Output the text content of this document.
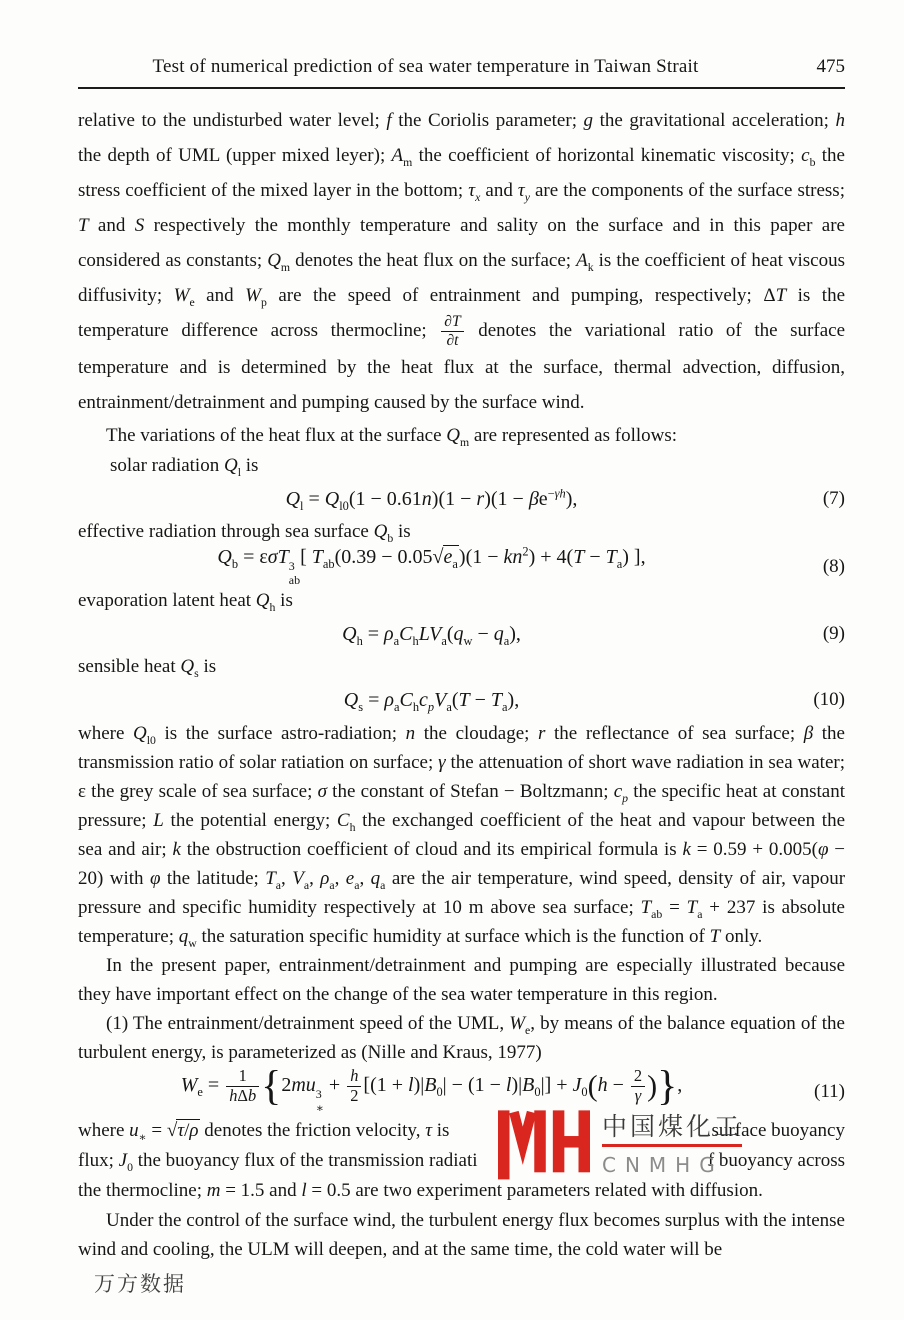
Test of numerical prediction of sea water temperature in Taiwan Strait	475
relative to the undisturbed water level; f the Coriolis parameter; g the gravitational acceleration; h the depth of UML (upper mixed leyer); $A_m$ the coefficient of horizontal kinematic viscosity; $c_b$ the stress coefficient of the mixed layer in the bottom; $\tau_x$ and $\tau_y$ are the components of the surface stress; T and S respectively the monthly temperature and sality on the surface and in this paper are considered as constants; $Q_m$ denotes the heat flux on the surface; $A_k$ is the coefficient of heat viscous diffusivity; $W_e$ and $W_p$ are the speed of entrainment and pumping, respectively; ΔT is the temperature difference across thermocline; $\frac{\partial T}{\partial t}$ denotes the variational ratio of the surface temperature and is determined by the heat flux at the surface, thermal advection, diffusion, entrainment/detrainment and pumping caused by the surface wind.
The variations of the heat flux at the surface $Q_m$ are represented as follows:
solar radiation $Q_l$ is
$Q_l = Q_{l0}(1 - 0.61n)(1 - r)(1 - \beta e^{-\gamma h})$,	(7)
effective radiation through sea surface $Q_b$ is
$Q_b = \varepsilon\sigma T$ 3
ab
[ $T_{ab}(0.39 - 0.05√e_a)(1 - kn^2) + 4(T - T_a)$ ],	(8)
evaporation latent heat $Q_h$ is
$Q_h = \rho_aC_hLV_a(q_w - q_a)$,	(9)
sensible heat $Q_s$ is
$Q_s = \rho_aC_hc_pV_a(T - T_a)$,	(10)
where $Q_{l0}$ is the surface astro-radiation; n the cloudage; r the reflectance of sea surface; β the transmission ratio of solar ratiation on surface; γ the attenuation of short wave radiation in sea water; ε the grey scale of sea surface; σ the constant of Stefan − Boltzmann; $c_p$ the specific heat at constant pressure; L the potential energy; $C_h$ the exchanged coefficient of the heat and vapour between the sea and air; k the obstruction coefficient of cloud and its empirical formula is k = 0.59 + 0.005(φ − 20) with φ the latitude; $T_a$, $V_a$, $\rho_a$, $e_a$, $q_a$ are the air temperature, wind speed, density of air, vapour pressure and specific humidity respectively at 10 m above sea surface; $T_{ab} = T_a + 237$ is absolute temperature; $q_w$ the saturation specific humidity at surface which is the function of T only.
In the present paper, entrainment/detrainment and pumping are especially illustrated because they have important effect on the change of the sea water temperature in this region.
(1) The entrainment/detrainment speed of the UML, $W_e$, by means of the balance equation of the turbulent energy, is parameterized as (Nille and Kraus, 1977)
$W_e = \frac{1}{\text{hΔb}} \{2mu$ 3
∗
+ $\frac{h}{2} [(1 + l)|B_0| - (1 - l)|B_0|] + J_0(h - \frac{2}{\gamma}$ )},	(11)
where $u_∗ = √\tau/\rho$ denotes the friction velocity, τ is	surface buoyancy
flux; $J_0$ the buoyancy flux of the transmission radiati	f buoyancy across
the thermocline; m = 1.5 and l = 0.5 are two experiment parameters related with diffusion.
中国煤化工
CNMHG
Under the control of the surface wind, the turbulent energy flux becomes surplus with the intense wind and cooling, the ULM will deepen, and at the same time, the cold water will be
万方数据
